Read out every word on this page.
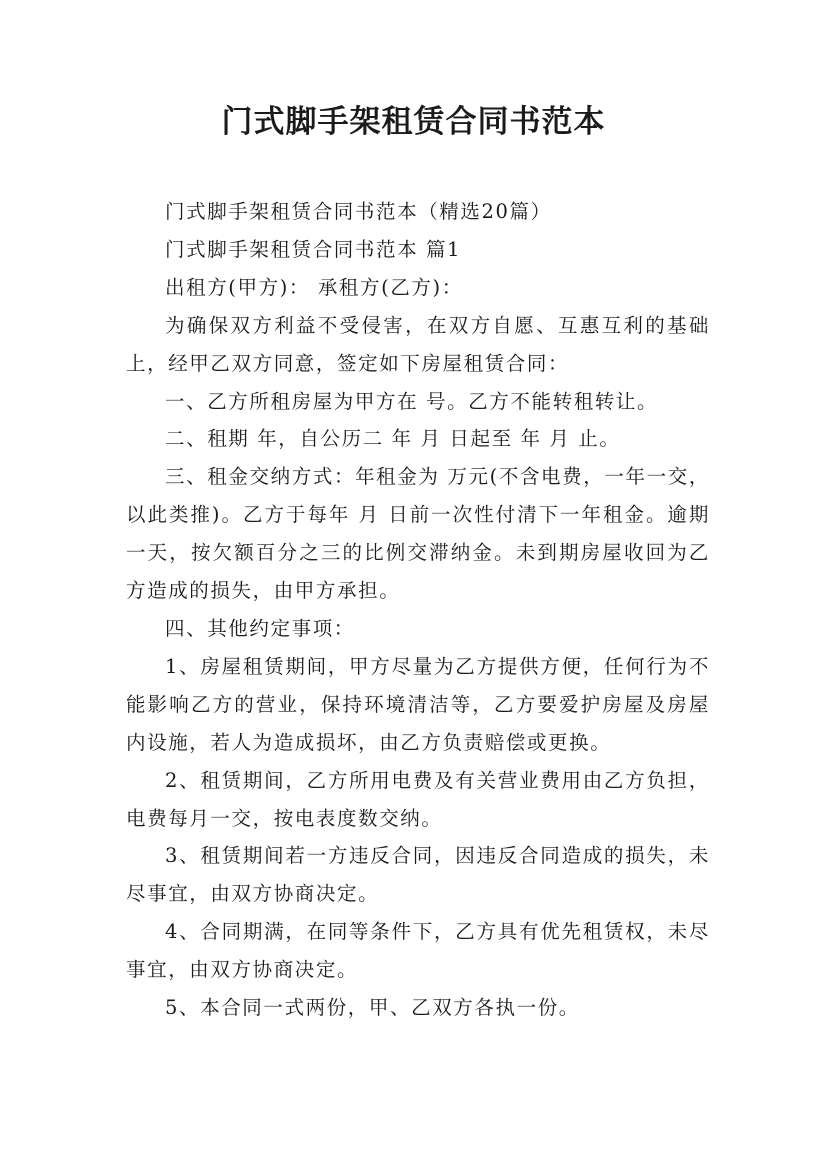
门式脚手架租赁合同书范本

门式脚手架租赁合同书范本（精选20篇）

门式脚手架租赁合同书范本 篇1

出租方(甲方)： 承租方(乙方)：

为确保双方利益不受侵害，在双方自愿、互惠互利的基础上，经甲乙双方同意，签定如下房屋租赁合同：

一、乙方所租房屋为甲方在 号。乙方不能转租转让。

二、租期 年，自公历二 年 月 日起至 年 月 止。

三、租金交纳方式：年租金为 万元(不含电费，一年一交，以此类推)。乙方于每年 月 日前一次性付清下一年租金。逾期一天，按欠额百分之三的比例交滞纳金。未到期房屋收回为乙方造成的损失，由甲方承担。

四、其他约定事项：

1、房屋租赁期间，甲方尽量为乙方提供方便，任何行为不能影响乙方的营业，保持环境清洁等，乙方要爱护房屋及房屋内设施，若人为造成损坏，由乙方负责赔偿或更换。

2、租赁期间，乙方所用电费及有关营业费用由乙方负担，电费每月一交，按电表度数交纳。

3、租赁期间若一方违反合同，因违反合同造成的损失，未尽事宜，由双方协商决定。

4、合同期满，在同等条件下，乙方具有优先租赁权，未尽事宜，由双方协商决定。

5、本合同一式两份，甲、乙双方各执一份。
